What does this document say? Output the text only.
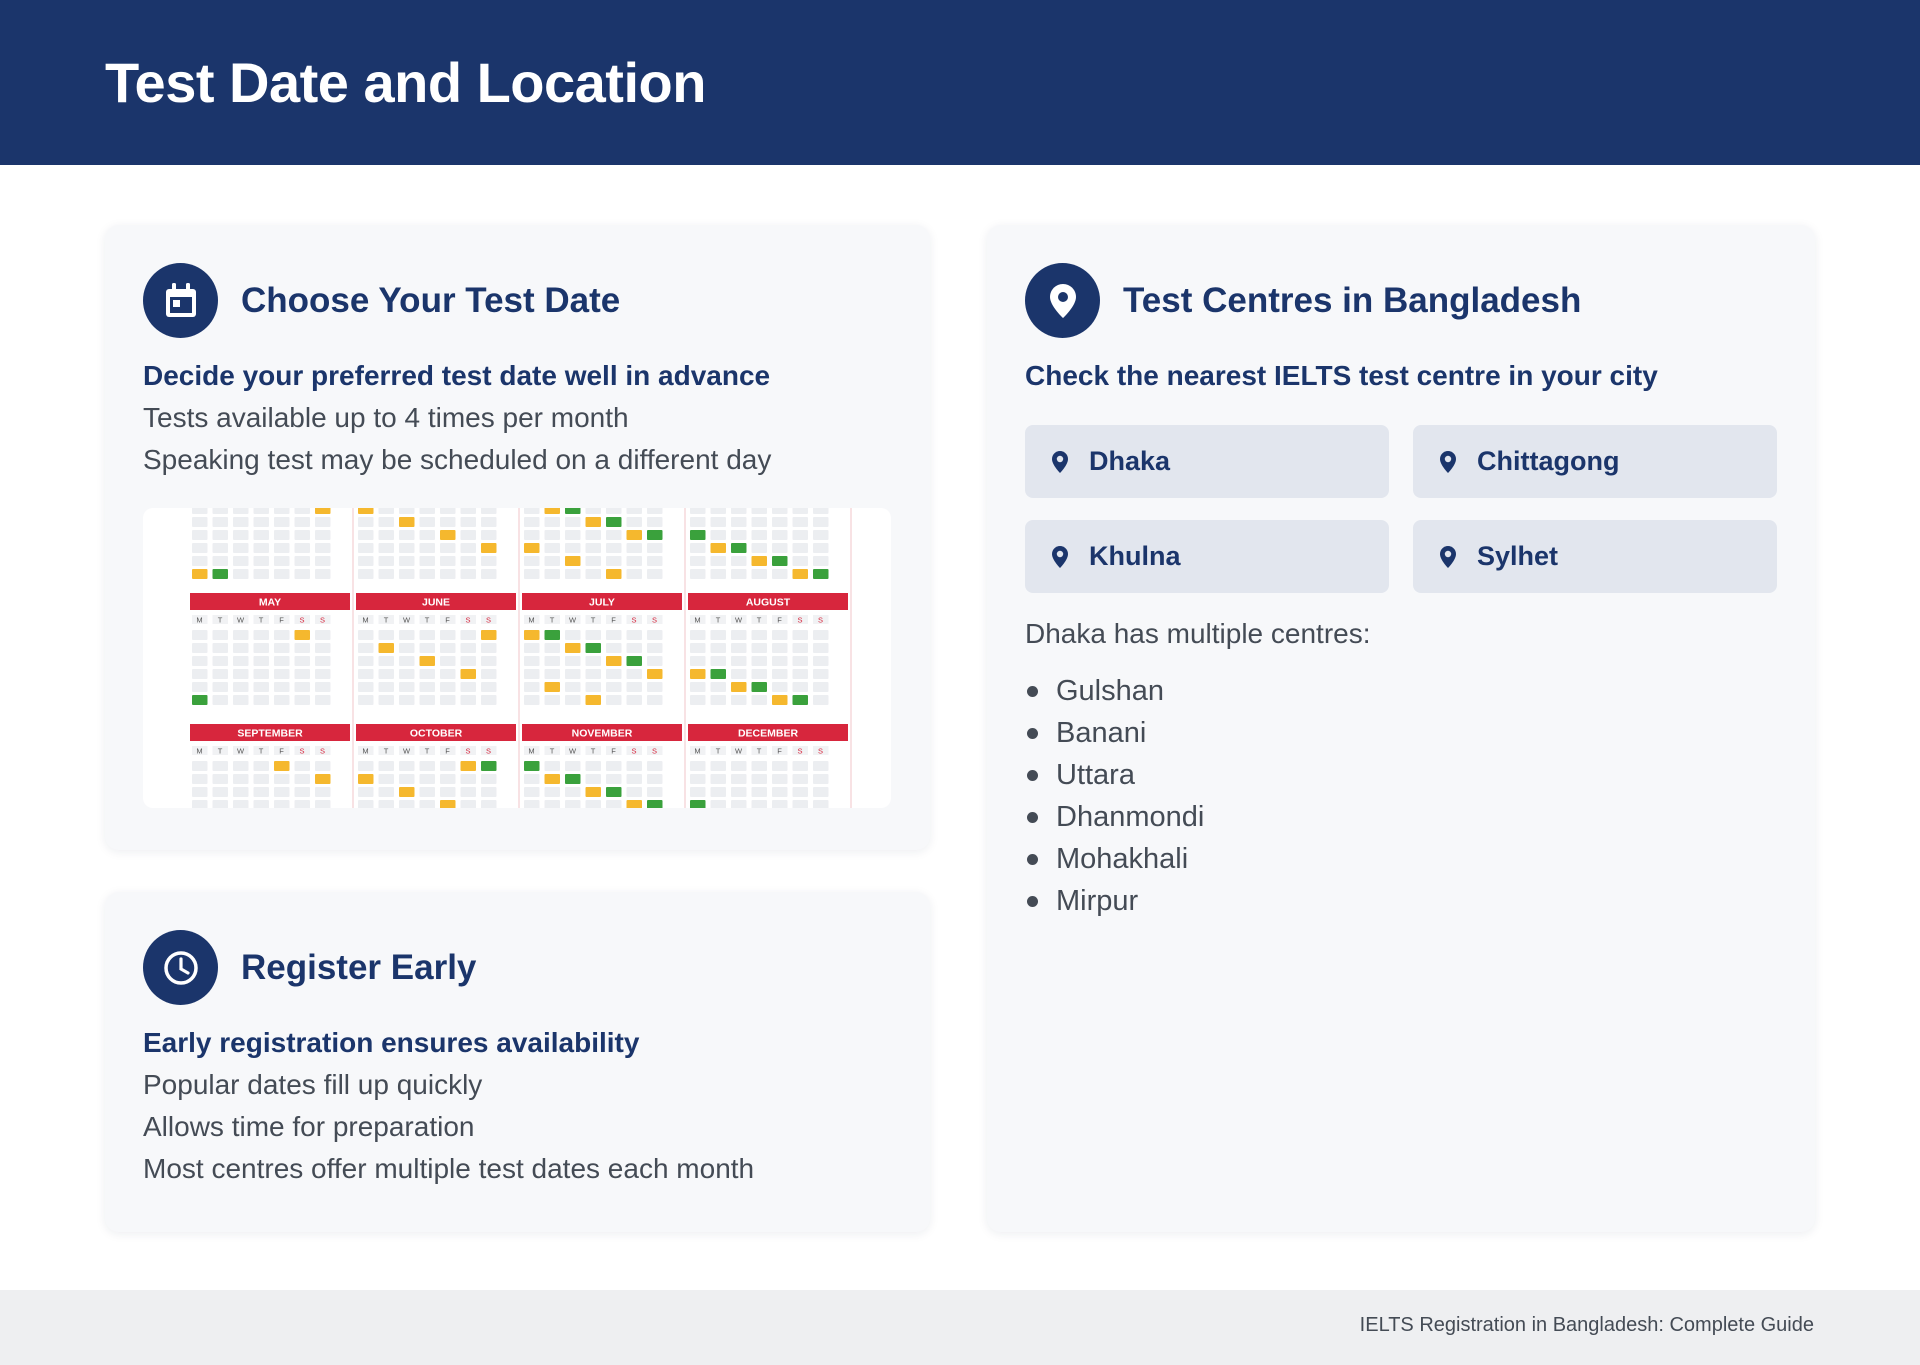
Test Date and Location
Choose Your Test Date
Decide your preferred test date well in advance
Tests available up to 4 times per month
Speaking test may be scheduled on a different day
MAY
M T W T F S S
JUNE
M T W T F S S
JULY
M T W T F S S
AUGUST
M T W T F S S
SEPTEMBER
M T W T F S S
OCTOBER
M T W T F S S
NOVEMBER
M T W T F S S
DECEMBER
M T W T F S S
Register Early
Early registration ensures availability
Popular dates fill up quickly
Allows time for preparation
Most centres offer multiple test dates each month
Test Centres in Bangladesh
Check the nearest IELTS test centre in your city
Dhaka	Chittagong
Khulna	Sylhet
Dhaka has multiple centres:
Gulshan
Banani
Uttara
Dhanmondi
Mohakhali
Mirpur
IELTS Registration in Bangladesh: Complete Guide
